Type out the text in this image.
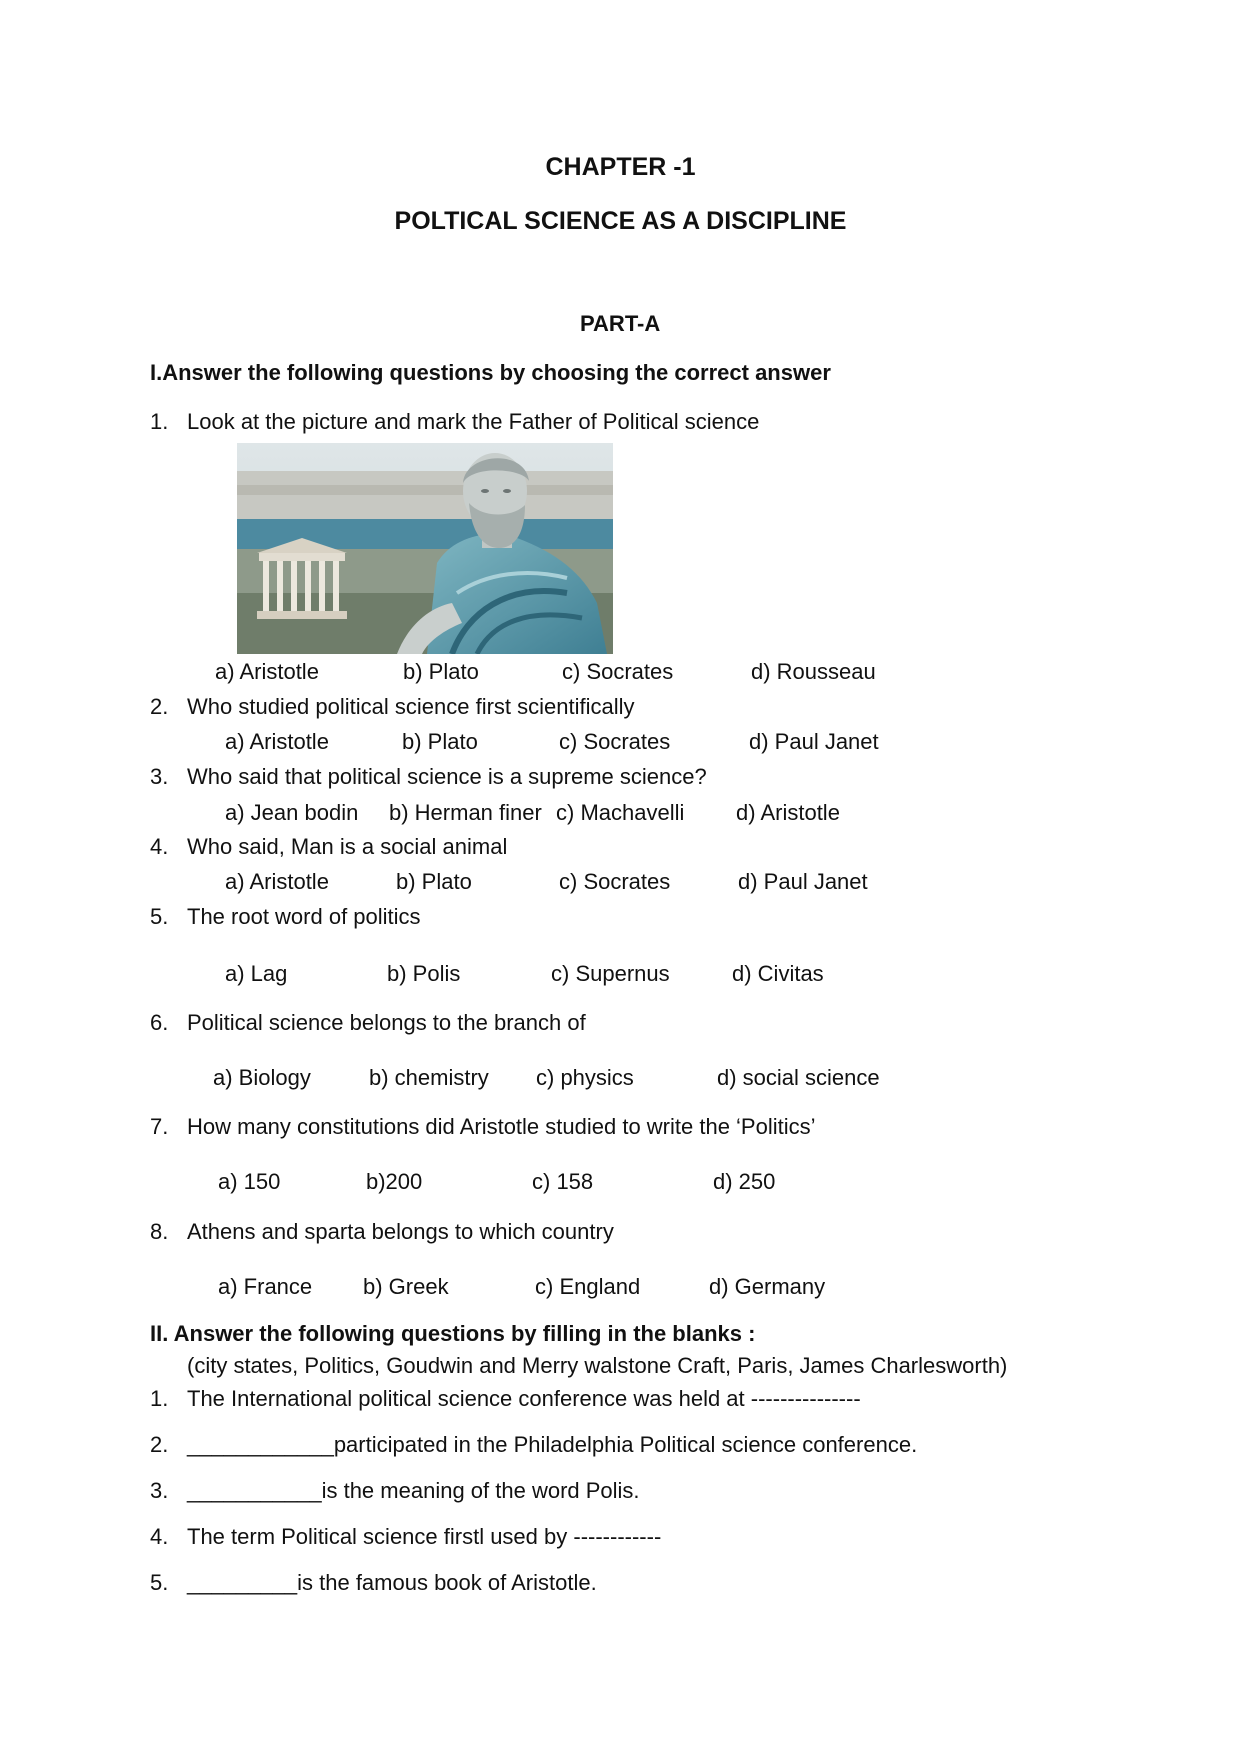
CHAPTER -1
POLTICAL SCIENCE AS A DISCIPLINE
PART-A
I.Answer the following questions by choosing the correct answer
1. Look at the picture and mark the Father of Political science
a) Aristotle	b) Plato	c) Socrates	d) Rousseau
2. Who studied political science first scientifically
a) Aristotle	b) Plato	c) Socrates	d) Paul Janet
3. Who said that political science is a supreme science?
a) Jean bodin b) Herman finer c) Machavelli d) Aristotle
4. Who said, Man is a social animal
a) Aristotle	b) Plato	c) Socrates	d) Paul Janet
5. The root word of politics
a) Lag	b) Polis	c) Supernus	d) Civitas
6. Political science belongs to the branch of
a) Biology	b) chemistry c) physics	d) social science
7. How many constitutions did Aristotle studied to write the ‘Politics’
a) 150	b)200	c) 158	d) 250
8. Athens and sparta belongs to which country
a) France b) Greek	c) England	d) Germany
II. Answer the following questions by filling in the blanks :
(city states, Politics, Goudwin and Merry walstone Craft, Paris, James Charlesworth)
1. The International political science conference was held at ---------------
2. ____________participated in the Philadelphia Political science conference.
3. ___________is the meaning of the word Polis.
4. The term Political science firstl used by ------------
5. _________is the famous book of Aristotle.
